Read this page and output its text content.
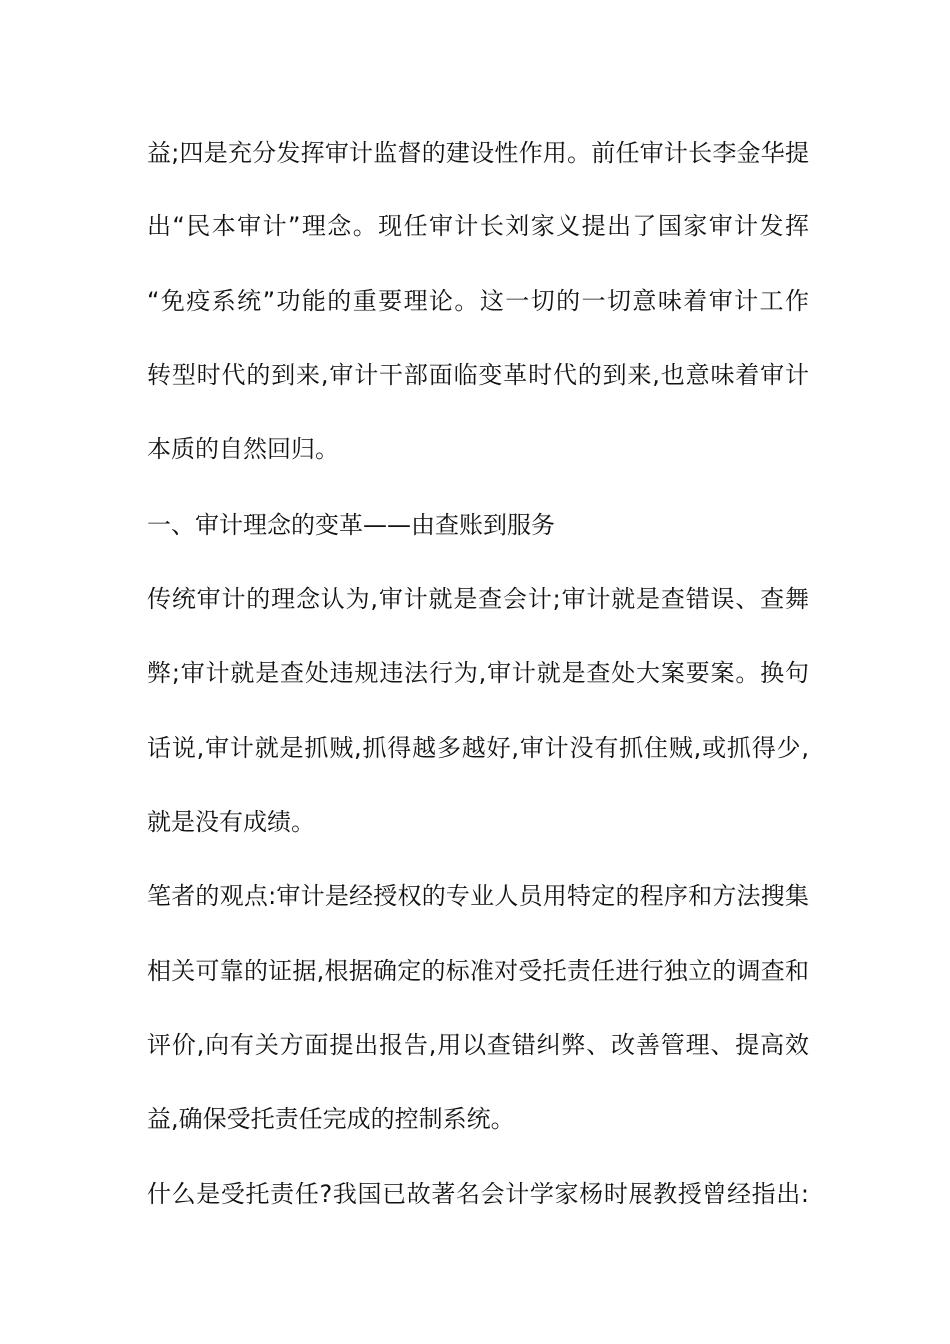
益;四是充分发挥审计监督的建设性作用。前任审计长李金华提
出“民本审计”理念。现任审计长刘家义提出了国家审计发挥
“免疫系统”功能的重要理论。这一切的一切意味着审计工作
转型时代的到来,审计干部面临变革时代的到来,也意味着审计
本质的自然回归。
一、审计理念的变革——由查账到服务
传统审计的理念认为,审计就是查会计;审计就是查错误、查舞
弊;审计就是查处违规违法行为,审计就是查处大案要案。换句
话说,审计就是抓贼,抓得越多越好,审计没有抓住贼,或抓得少,
就是没有成绩。
笔者的观点:审计是经授权的专业人员用特定的程序和方法搜集
相关可靠的证据,根据确定的标准对受托责任进行独立的调查和
评价,向有关方面提出报告,用以查错纠弊、改善管理、提高效
益,确保受托责任完成的控制系统。
什么是受托责任?我国已故著名会计学家杨时展教授曾经指出:
